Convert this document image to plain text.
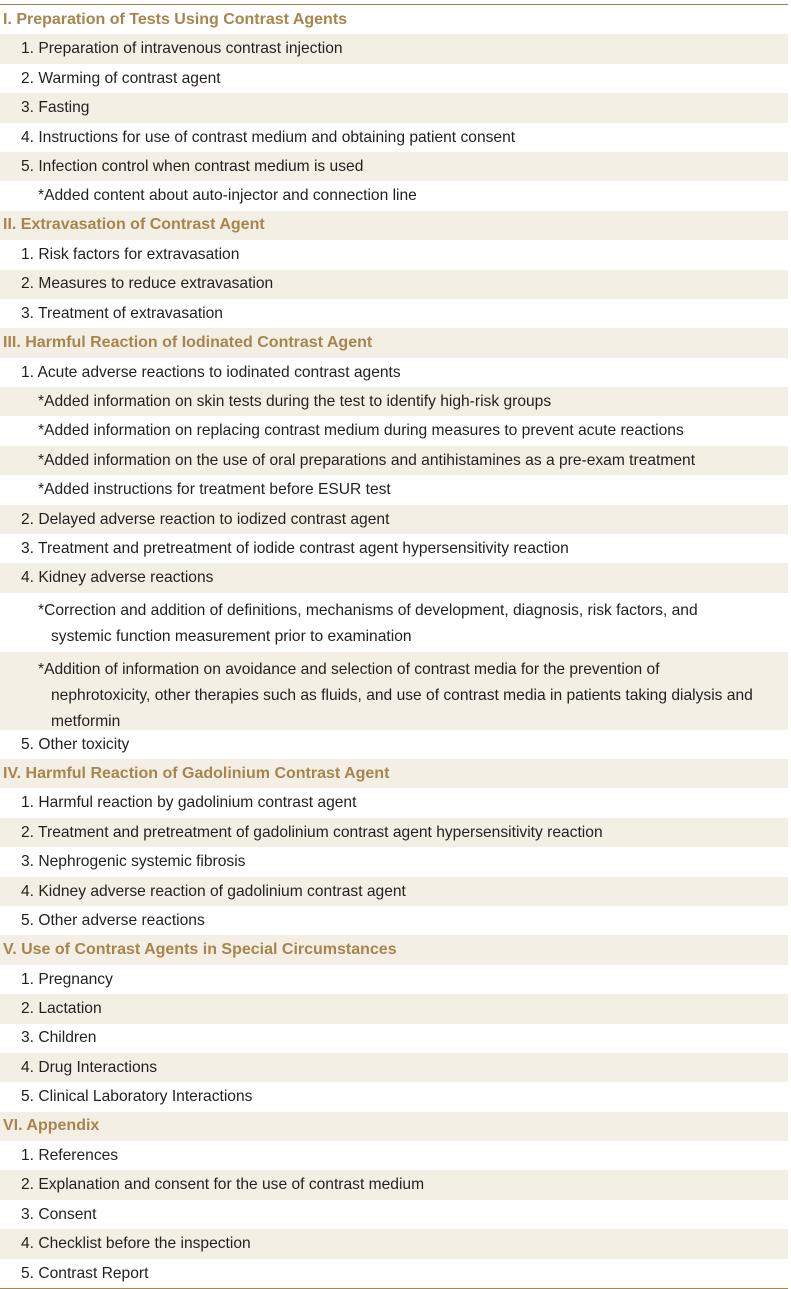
I. Preparation of Tests Using Contrast Agents
1. Preparation of intravenous contrast injection
2. Warming of contrast agent
3. Fasting
4. Instructions for use of contrast medium and obtaining patient consent
5. Infection control when contrast medium is used
*Added content about auto-injector and connection line
II. Extravasation of Contrast Agent
1. Risk factors for extravasation
2. Measures to reduce extravasation
3. Treatment of extravasation
III. Harmful Reaction of Iodinated Contrast Agent
1. Acute adverse reactions to iodinated contrast agents
*Added information on skin tests during the test to identify high-risk groups
*Added information on replacing contrast medium during measures to prevent acute reactions
*Added information on the use of oral preparations and antihistamines as a pre-exam treatment
*Added instructions for treatment before ESUR test
2. Delayed adverse reaction to iodized contrast agent
3. Treatment and pretreatment of iodide contrast agent hypersensitivity reaction
4. Kidney adverse reactions
*Correction and addition of definitions, mechanisms of development, diagnosis, risk factors, and systemic function measurement prior to examination
*Addition of information on avoidance and selection of contrast media for the prevention of nephrotoxicity, other therapies such as fluids, and use of contrast media in patients taking dialysis and metformin
5. Other toxicity
IV. Harmful Reaction of Gadolinium Contrast Agent
1. Harmful reaction by gadolinium contrast agent
2. Treatment and pretreatment of gadolinium contrast agent hypersensitivity reaction
3. Nephrogenic systemic fibrosis
4. Kidney adverse reaction of gadolinium contrast agent
5. Other adverse reactions
V. Use of Contrast Agents in Special Circumstances
1. Pregnancy
2. Lactation
3. Children
4. Drug Interactions
5. Clinical Laboratory Interactions
VI. Appendix
1. References
2. Explanation and consent for the use of contrast medium
3. Consent
4. Checklist before the inspection
5. Contrast Report
